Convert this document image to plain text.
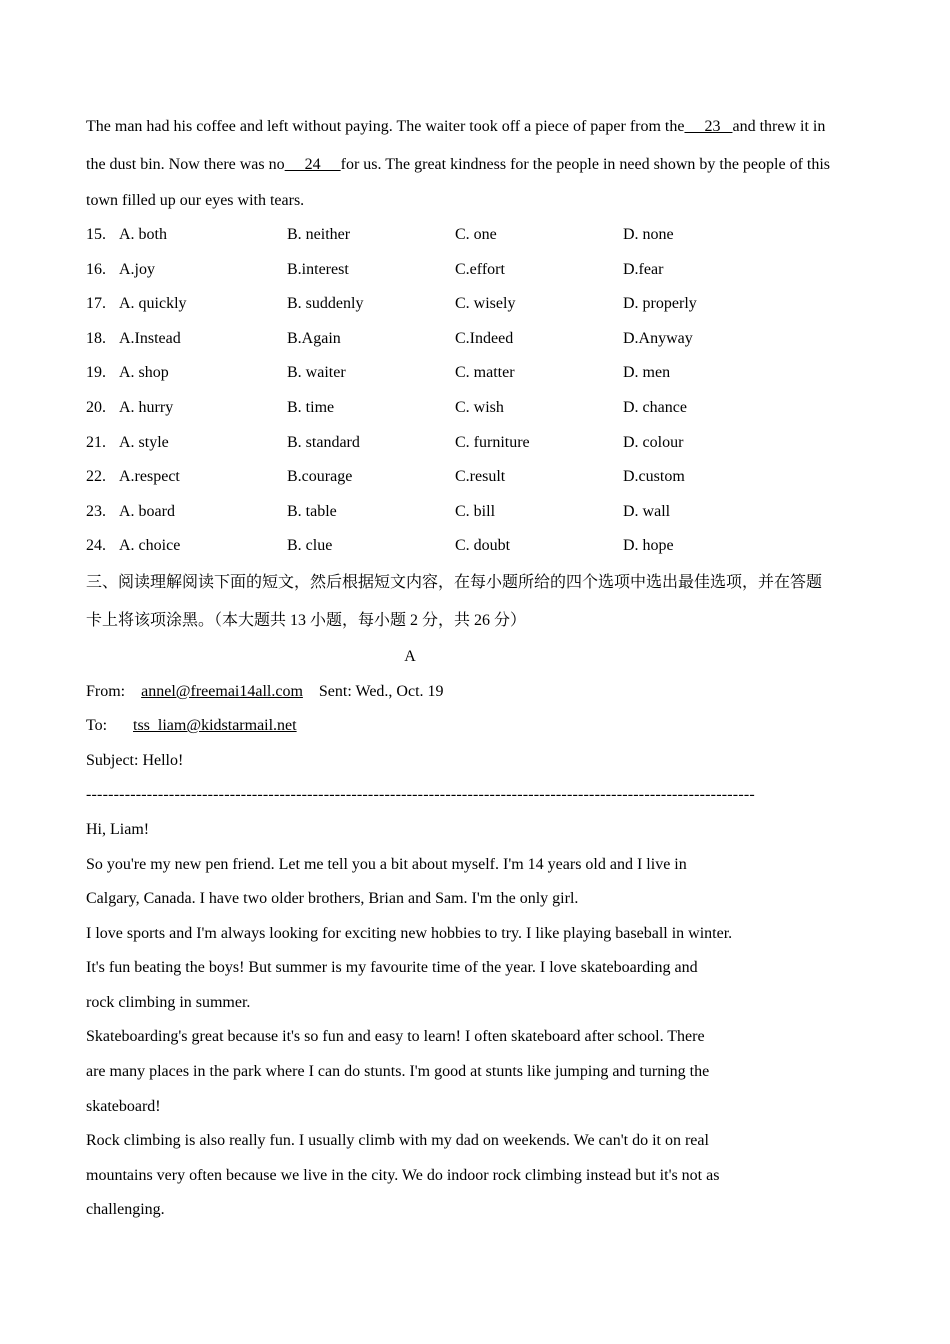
The man had his coffee and left without paying. The waiter took off a piece of paper from the __23_ and threw it in
the dust bin. Now there was no __24__ for us. The great kindness for the people in need shown by the people of this
town filled up our eyes with tears.
15. A. both	B. neither	C. one	D. none
16. A.joy	B.interest	C.effort	D.fear
17. A. quickly	B. suddenly	C. wisely	D. properly
18. A.Instead	B.Again	C.Indeed	D.Anyway
19. A. shop	B. waiter	C. matter	D. men
20. A. hurry	B. time	C. wish	D. chance
21. A. style	B. standard	C. furniture	D. colour
22. A.respect	B.courage	C.result	D.custom
23. A. board	B. table	C. bill	D. wall
24. A. choice	B. clue	C. doubt	D. hope
三、阅读理解阅读下面的短文，然后根据短文内容，在每小题所给的四个选项中选出最佳选项，并在答题
卡上将该项涂黑。（本大题共 13 小题，每小题 2 分，共 26 分）
A
From: annel@freemai14all.com Sent: Wed., Oct. 19
To: tss_liam@kidstarmail.net
Subject: Hello!
-------------------------------------------------------------------------------------------------------------------------
Hi, Liam!
So you're my new pen friend. Let me tell you a bit about myself. I'm 14 years old and I live in
Calgary, Canada. I have two older brothers, Brian and Sam. I'm the only girl.
I love sports and I'm always looking for exciting new hobbies to try. I like playing baseball in winter.
It's fun beating the boys! But summer is my favourite time of the year. I love skateboarding and
rock climbing in summer.
Skateboarding's great because it's so fun and easy to learn! I often skateboard after school. There
are many places in the park where I can do stunts. I'm good at stunts like jumping and turning the
skateboard!
Rock climbing is also really fun. I usually climb with my dad on weekends. We can't do it on real
mountains very often because we live in the city. We do indoor rock climbing instead but it's not as
challenging.
